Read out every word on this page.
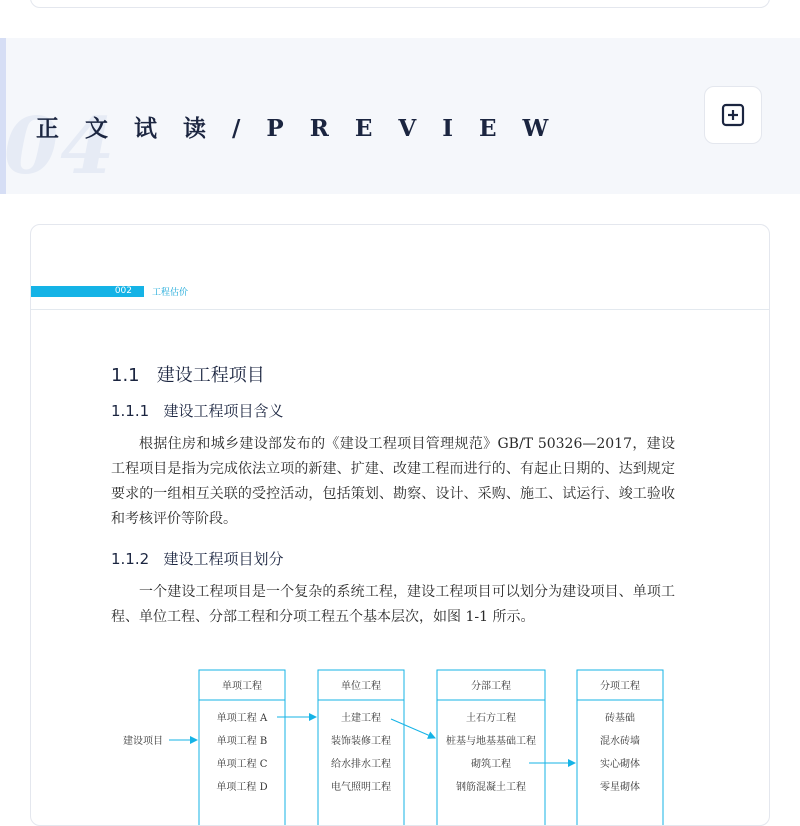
04
正 文 试 读 / P R E V I E W
002	工程估价
1.1   建设工程项目
1.1.1   建设工程项目含义

根据住房和城乡建设部发布的《建设工程项目管理规范》GB/T 50326—2017，建设工程项目是指为完成依法立项的新建、扩建、改建工程而进行的、有起止日期的、达到规定要求的一组相互关联的受控活动，包括策划、勘察、设计、采购、施工、试运行、竣工验收和考核评价等阶段。

1.1.2   建设工程项目划分

一个建设工程项目是一个复杂的系统工程，建设工程项目可以划分为建设项目、单项工程、单位工程、分部工程和分项工程五个基本层次，如图 1-1 所示。

单项工程
单项工程 A
单项工程 B
单项工程 C
单项工程 D
单位工程
土建工程
装饰装修工程
给水排水工程
电气照明工程
分部工程
土石方工程
桩基与地基基础工程
砌筑工程
钢筋混凝土工程
分项工程
砖基础
混水砖墙
实心砌体
零星砌体
建设项目
